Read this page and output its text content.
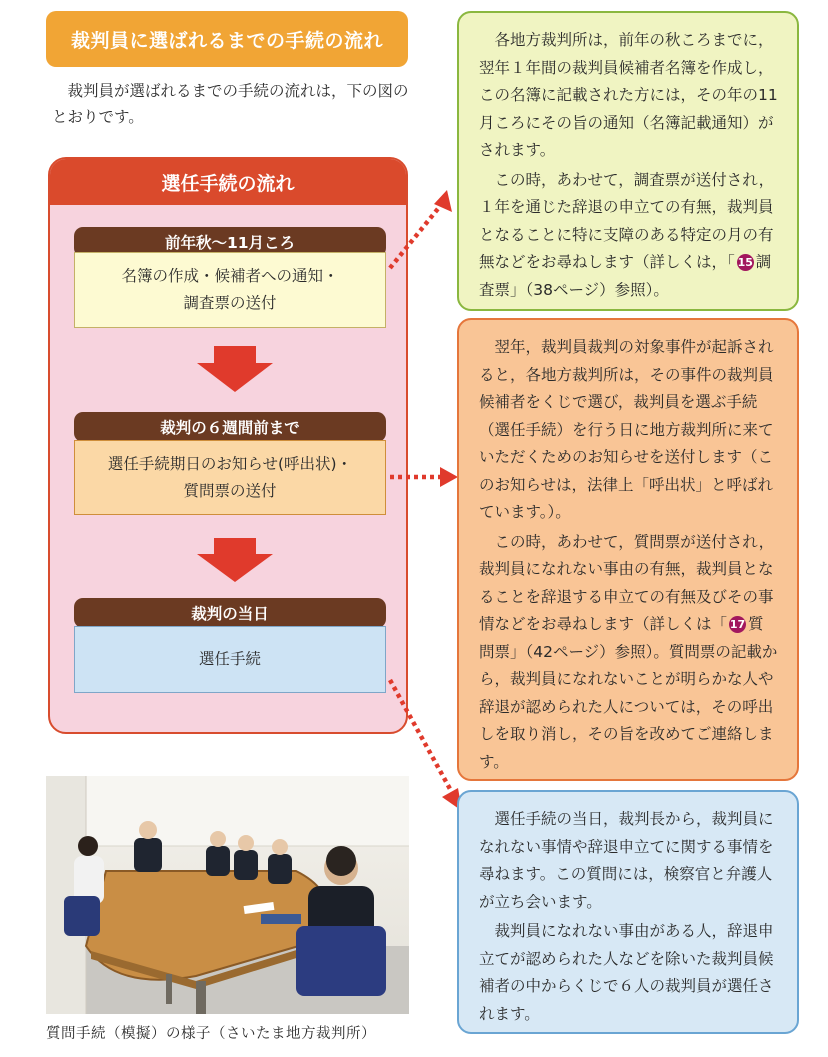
裁判員に選ばれるまでの手続の流れ
裁判員が選ばれるまでの手続の流れは，下の図のとおりです。
選任手続の流れ
前年秋〜11月ころ
名簿の作成・候補者への通知・
調査票の送付
裁判の６週間前まで
選任手続期日のお知らせ(呼出状)・
質問票の送付
裁判の当日
選任手続

各地方裁判所は，前年の秋ころまでに，翌年１年間の裁判員候補者名簿を作成し，この名簿に記載された方には，その年の11月ころにその旨の通知（名簿記載通知）がされます。

この時，あわせて，調査票が送付され，１年を通じた辞退の申立ての有無，裁判員となることに特に支障のある特定の月の有無などをお尋ねします（詳しくは，「 15 調査票」（38ページ）参照）。

翌年，裁判員裁判の対象事件が起訴されると，各地方裁判所は，その事件の裁判員候補者をくじで選び，裁判員を選ぶ手続（選任手続）を行う日に地方裁判所に来ていただくためのお知らせを送付します（このお知らせは，法律上「呼出状」と呼ばれています。）。

この時，あわせて，質問票が送付され，裁判員になれない事由の有無，裁判員となることを辞退する申立ての有無及びその事情などをお尋ねします（詳しくは「 17 質問票」（42ページ）参照）。質問票の記載から，裁判員になれないことが明らかな人や辞退が認められた人については，その呼出しを取り消し，その旨を改めてご連絡します。

選任手続の当日，裁判長から，裁判員になれない事情や辞退申立てに関する事情を尋ねます。この質問には，検察官と弁護人が立ち会います。

裁判員になれない事由がある人，辞退申立てが認められた人などを除いた裁判員候補者の中からくじで６人の裁判員が選任されます。

質問手続（模擬）の様子（さいたま地方裁判所）
